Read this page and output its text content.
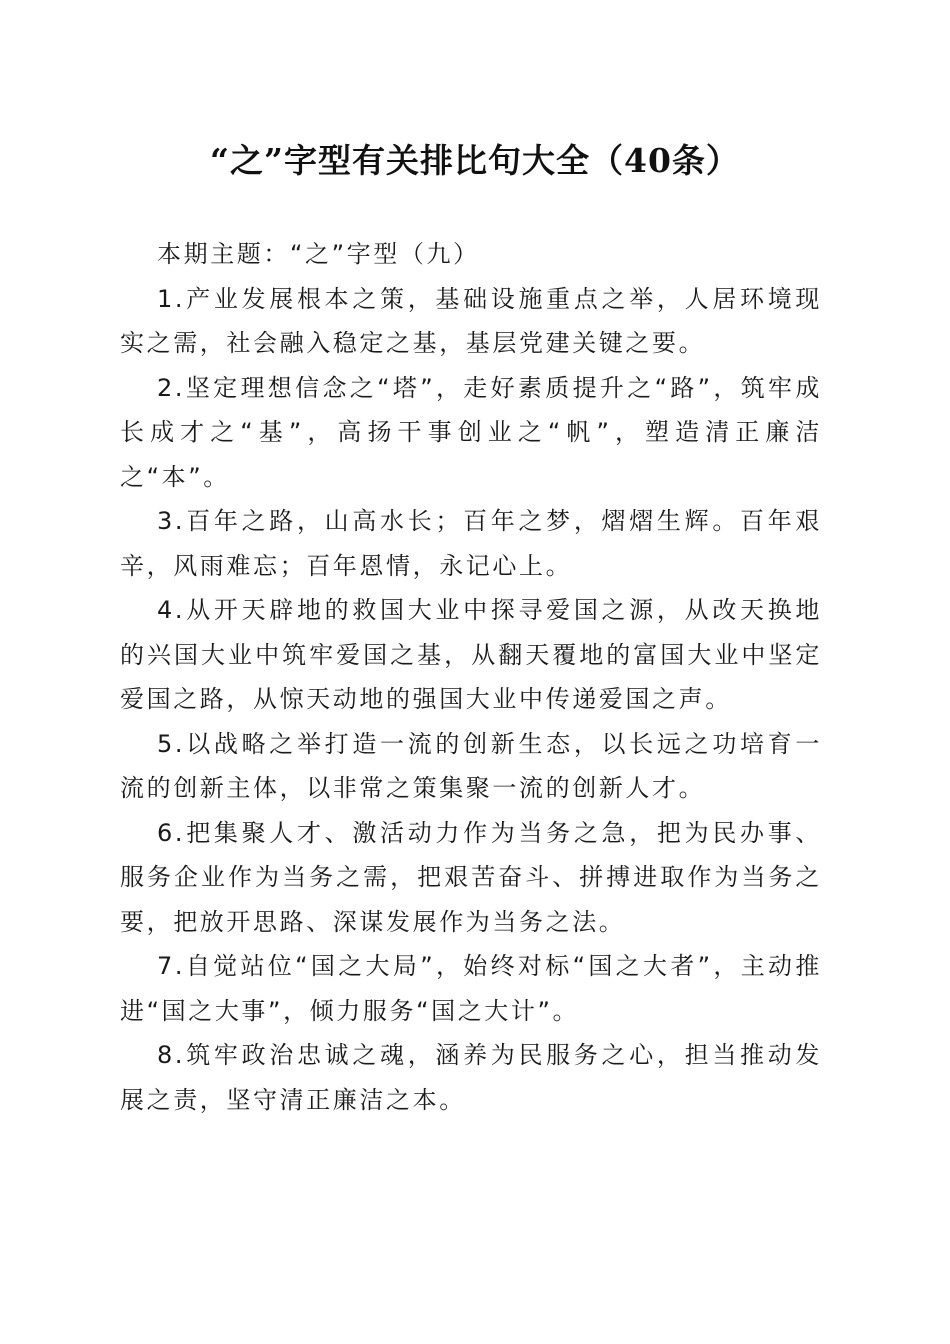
“之”字型有关排比句大全（40条）

本期主题：“之”字型（九）

1.产业发展根本之策，基础设施重点之举，人居环境现实之需，社会融入稳定之基，基层党建关键之要。

2.坚定理想信念之“塔”，走好素质提升之“路”，筑牢成长成才之“基”，高扬干事创业之“帆”，塑造清正廉洁之“本”。

3.百年之路，山高水长；百年之梦，熠熠生辉。百年艰辛，风雨难忘；百年恩情，永记心上。

4.从开天辟地的救国大业中探寻爱国之源，从改天换地的兴国大业中筑牢爱国之基，从翻天覆地的富国大业中坚定爱国之路，从惊天动地的强国大业中传递爱国之声。

5.以战略之举打造一流的创新生态，以长远之功培育一流的创新主体，以非常之策集聚一流的创新人才。

6.把集聚人才、激活动力作为当务之急，把为民办事、服务企业作为当务之需，把艰苦奋斗、拼搏进取作为当务之要，把放开思路、深谋发展作为当务之法。

7.自觉站位“国之大局”，始终对标“国之大者”，主动推进“国之大事”，倾力服务“国之大计”。

8.筑牢政治忠诚之魂，涵养为民服务之心，担当推动发展之责，坚守清正廉洁之本。
